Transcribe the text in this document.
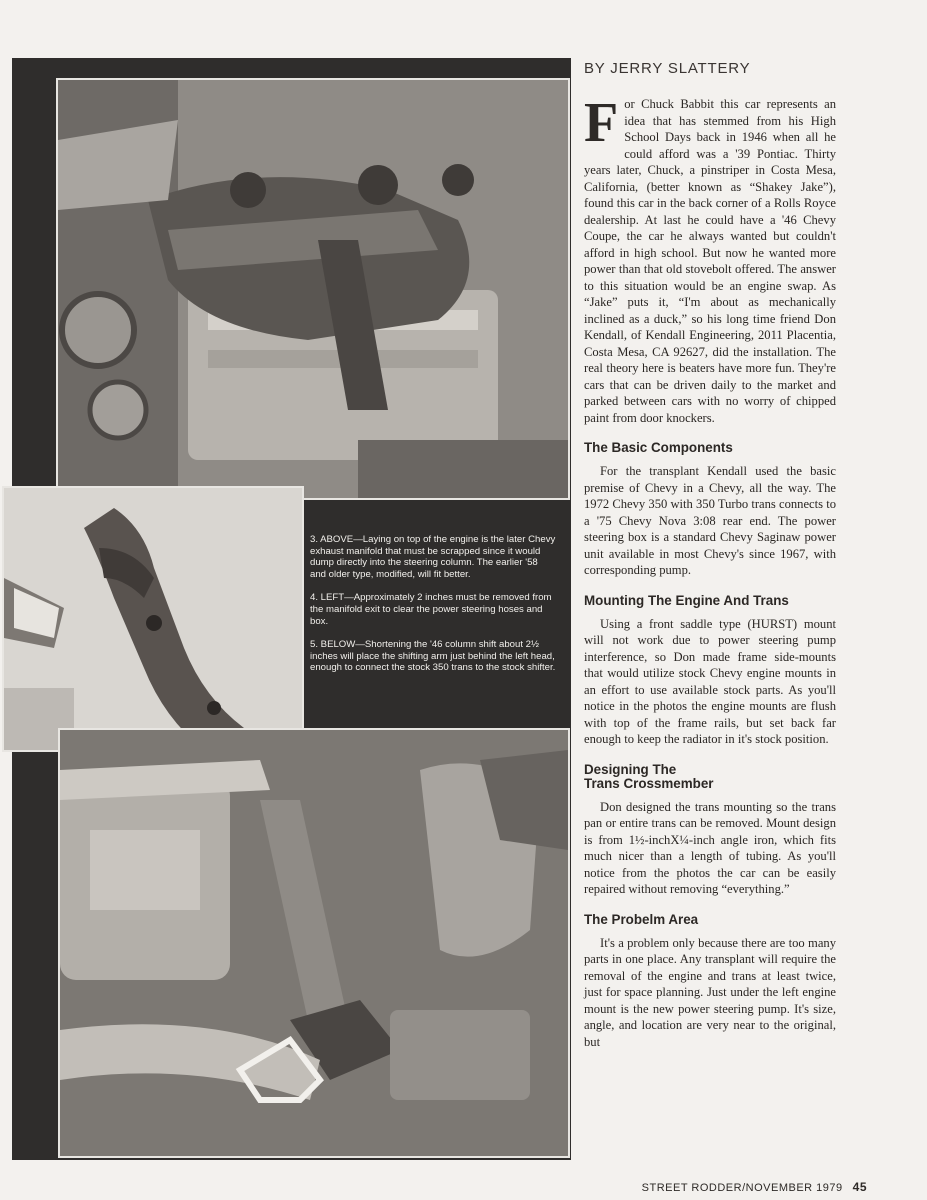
3. ABOVE—Laying on top of the engine is the later Chevy exhaust manifold that must be scrapped since it would dump directly into the steering column. The earlier '58 and older type, modified, will fit better.

4. LEFT—Approximately 2 inches must be removed from the manifold exit to clear the power steering hoses and box.

5. BELOW—Shortening the '46 column shift about 2½ inches will place the shifting arm just behind the left head, enough to connect the stock 350 trans to the stock shifter.

BY JERRY SLATTERY

For Chuck Babbit this car represents an idea that has stemmed from his High School Days back in 1946 when all he could afford was a '39 Pontiac. Thirty years later, Chuck, a pinstriper in Costa Mesa, California, (better known as “Shakey Jake”), found this car in the back corner of a Rolls Royce dealership. At last he could have a '46 Chevy Coupe, the car he always wanted but couldn't afford in high school. But now he wanted more power than that old stovebolt offered. The answer to this situation would be an engine swap. As “Jake” puts it, “I'm about as mechanically inclined as a duck,” so his long time friend Don Kendall, of Kendall Engineering, 2011 Placentia, Costa Mesa, CA 92627, did the installation. The real theory here is beaters have more fun. They're cars that can be driven daily to the market and parked between cars with no worry of chipped paint from door knockers.

The Basic Components

For the transplant Kendall used the basic premise of Chevy in a Chevy, all the way. The 1972 Chevy 350 with 350 Turbo trans connects to a '75 Chevy Nova 3:08 rear end. The power steering box is a standard Chevy Saginaw power unit available in most Chevy's since 1967, with corresponding pump.

Mounting The Engine And Trans

Using a front saddle type (HURST) mount will not work due to power steering pump interference, so Don made frame side-mounts that would utilize stock Chevy engine mounts in an effort to use available stock parts. As you'll notice in the photos the engine mounts are flush with top of the frame rails, but set back far enough to keep the radiator in it's stock position.

Designing The
Trans Crossmember

Don designed the trans mounting so the trans pan or entire trans can be removed. Mount design is from 1½-inchX¼-inch angle iron, which fits much nicer than a length of tubing. As you'll notice from the photos the car can be easily repaired without removing “everything.”

The Probelm Area

It's a problem only because there are too many parts in one place. Any transplant will require the removal of the engine and trans at least twice, just for space planning. Just under the left engine mount is the new power steering pump. It's size, angle, and location are very near to the original, but

STREET RODDER/NOVEMBER 1979 45
